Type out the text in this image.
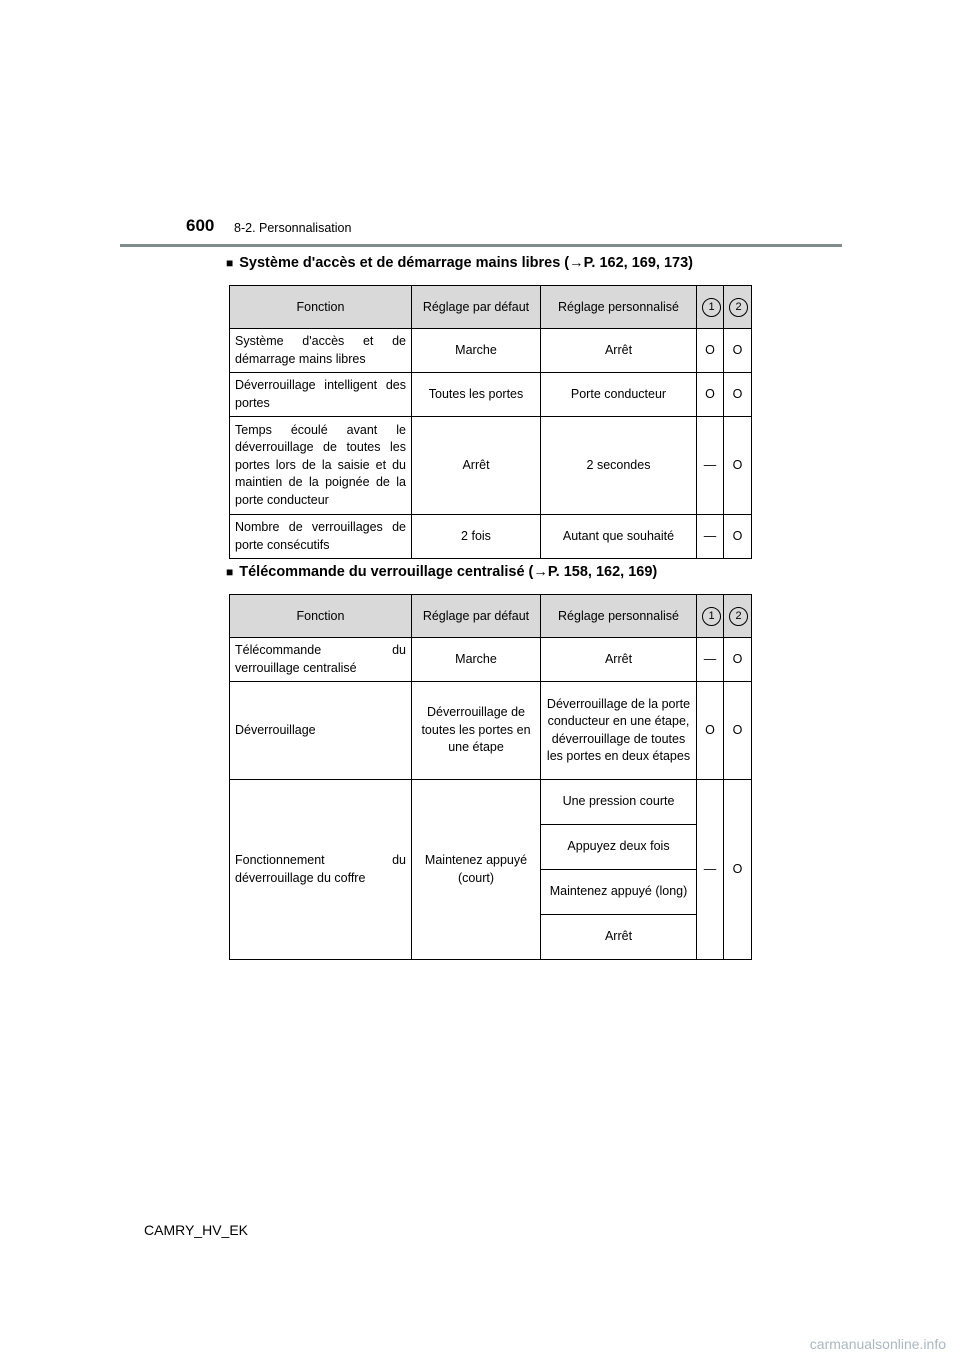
600 8-2. Personnalisation
■ Système d'accès et de démarrage mains libres (→P. 162, 169, 173)
Fonction	Réglage par défaut	Réglage personnalisé	1	2
Système d'accès et de démarrage mains libres	Marche	Arrêt	O	O
Déverrouillage intelligent des portes	Toutes les portes	Porte conducteur	O	O
Temps écoulé avant le déverrouillage de toutes les portes lors de la saisie et du maintien de la poignée de la porte conducteur	Arrêt	2 secondes	—	O
Nombre de verrouillages de porte consécutifs	2 fois	Autant que souhaité	—	O
■ Télécommande du verrouillage centralisé (→P. 158, 162, 169)
Fonction	Réglage par défaut	Réglage personnalisé	1	2
Télécommande du verrouillage centralisé	Marche	Arrêt	—	O
Déverrouillage	Déverrouillage de toutes les portes en une étape	Déverrouillage de la porte conducteur en une étape, déverrouillage de toutes les portes en deux étapes	O	O
Fonctionnement du déverrouillage du coffre	Maintenez appuyé (court)	Une pression courte	—	O
		Appuyez deux fois		
		Maintenez appuyé (long)		
		Arrêt		
CAMRY_HV_EK
carmanualsonline.info
